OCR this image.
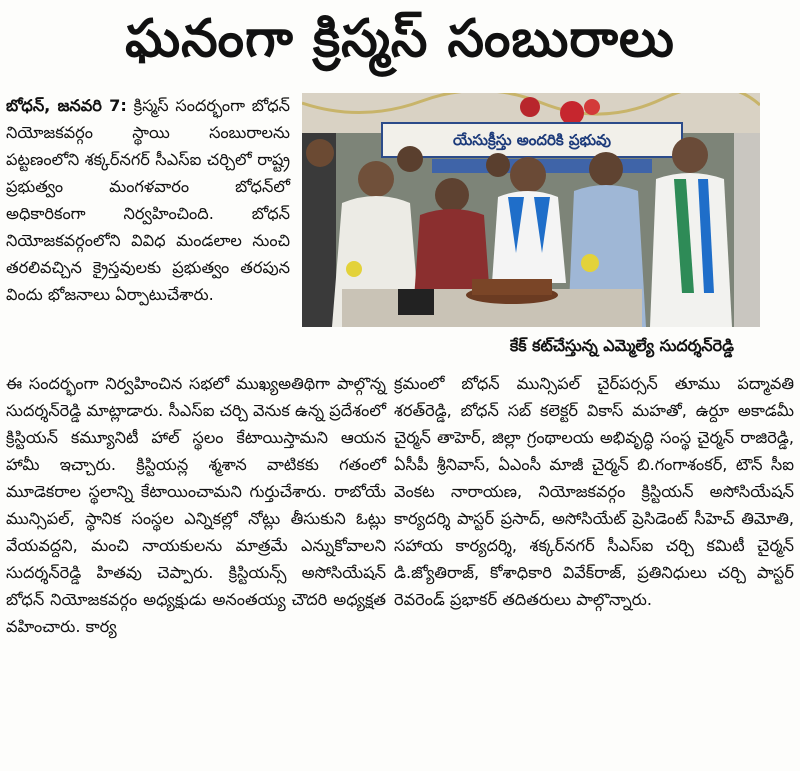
ఘనంగా క్రిస్మస్ సంబురాలు

బోధన్, జనవరి 7: క్రిస్మస్ సందర్భంగా బోధన్ నియోజకవర్గం స్థాయి సంబురాలను పట్టణంలోని శక్కర్‌నగర్ సీఎస్ఐ చర్చిలో రాష్ట్ర ప్రభుత్వం మంగళవారం బోధన్‌లో అధికారికంగా నిర్వహించింది. బోధన్ నియోజకవర్గంలోని వివిధ మండలాల నుంచి తరలివచ్చిన క్రైస్తవులకు ప్రభుత్వం తరపున విందు భోజనాలు ఏర్పాటుచేశారు.

యేసుక్రీస్తు అందరికి ప్రభువు
కేక్ కట్‌చేస్తున్న ఎమ్మెల్యే సుదర్శన్‌రెడ్డి

ఈ సందర్భంగా నిర్వహించిన సభలో ముఖ్యఅతిథిగా పాల్గొన్న సుదర్శన్‌రెడ్డి మాట్లాడారు. సీఎస్ఐ చర్చి వెనుక ఉన్న ప్రదేశంలో క్రిస్టియన్ కమ్యూనిటీ హాల్ స్థలం కేటాయిస్తామని ఆయన హామీ ఇచ్చారు. క్రిస్టియన్ల శ్మశాన వాటికకు గతంలో మూడెకరాల స్థలాన్ని కేటాయించామని గుర్తుచేశారు. రాబోయే మున్సిపల్, స్థానిక సంస్థల ఎన్నికల్లో నోట్లు తీసుకుని ఓట్లు వేయవద్దని, మంచి నాయకులను మాత్రమే ఎన్నుకోవాలని సుదర్శన్‌రెడ్డి హితవు చెప్పారు. క్రిస్టియన్స్ అసోసియేషన్ బోధన్ నియోజకవర్గం అధ్యక్షుడు అనంతయ్య చౌదరి అధ్యక్షత వహించారు. కార్య

క్రమంలో బోధన్ మున్సిపల్ చైర్‌పర్సన్ తూము పద్మావతి శరత్‌రెడ్డి, బోధన్ సబ్ కలెక్టర్ వికాస్ మహతో, ఉర్దూ అకాడమీ చైర్మన్ తాహెర్, జిల్లా గ్రంథాలయ అభివృద్ధి సంస్థ చైర్మన్ రాజిరెడ్డి, ఏసీపీ శ్రీనివాస్, ఏఎంసీ మాజీ చైర్మన్ బి.గంగాశంకర్, టౌన్ సీఐ వెంకట నారాయణ, నియోజకవర్గం క్రిస్టియన్ అసోసియేషన్ కార్యదర్శి పాస్టర్ ప్రసాద్, అసోసియేట్ ప్రెసిడెంట్ సీహెచ్ తిమోతి, సహాయ కార్యదర్శి, శక్కర్‌నగర్ సీఎస్ఐ చర్చి కమిటీ చైర్మన్ డి.జ్యోతిరాజ్, కోశాధికారి వివేక్‌రాజ్, ప్రతినిధులు చర్చి పాస్టర్ రెవరెండ్ ప్రభాకర్ తదితరులు పాల్గొన్నారు.
